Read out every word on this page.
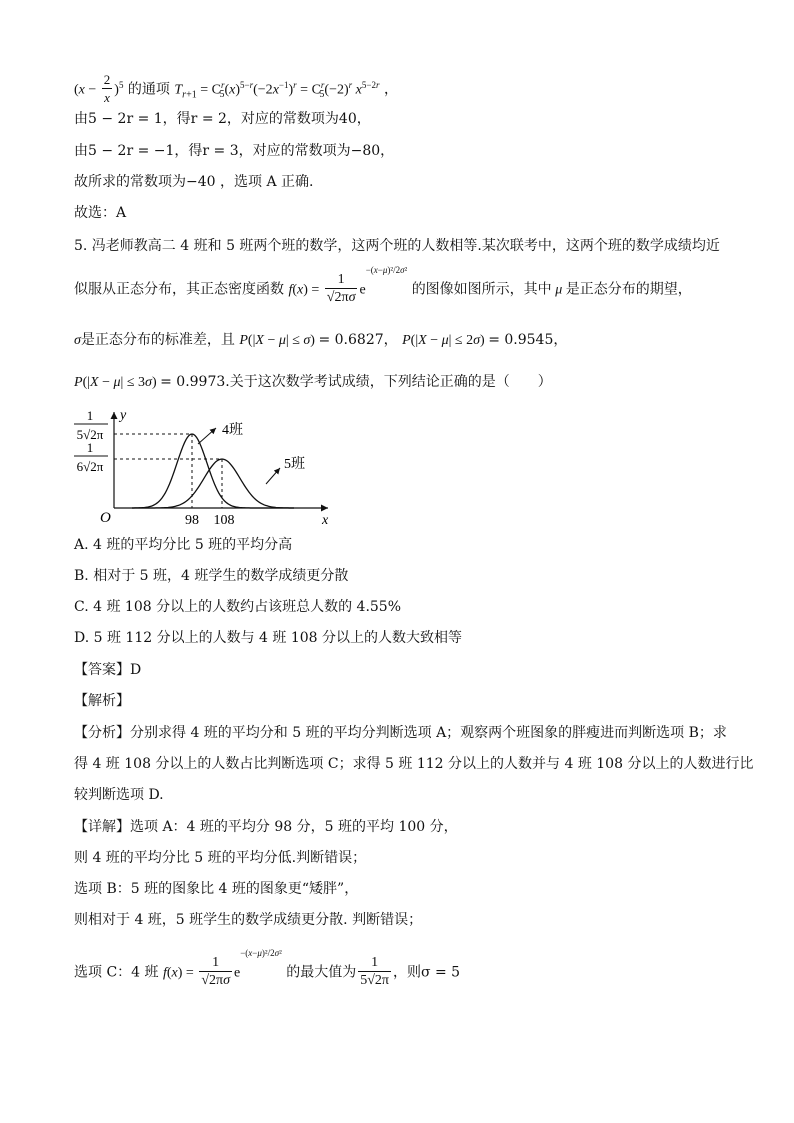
$(x - \frac{2}{x} )^5$ 的通项 $T_{r+1} = C^r_5(x)^{5-r}(-2x^{-1})^r = C^r_5(-2)^r$ $x^{5-2r}$ ，
由5 − 2r = 1，得r = 2，对应的常数项为40，
由5 − 2r = −1，得r = 3，对应的常数项为−80，
故所求的常数项为−40 ，选项 A 正确.
故选：A
5. 冯老师教高二 4 班和 5 班两个班的数学，这两个班的人数相等.某次联考中，这两个班的数学成绩均近
似服从正态分布，其正态密度函数 $f(x) = \frac{1}{√2\pi\sigma} e-(x-\mu)^2/2\sigma^2$ 的图像如图所示，其中 μ 是正态分布的期望，
σ是正态分布的标准差，且 P(|X − μ| ≤ σ) = 0.6827， P(|X − μ| ≤ 2σ) = 0.9545，
P(|X − μ| ≤ 3σ) = 0.9973.关于这次数学考试成绩，下列结论正确的是（　　）
y
x
O
1
5√2π
1
6√2π
98 108
4班
5班
A. 4 班的平均分比 5 班的平均分高
B. 相对于 5 班，4 班学生的数学成绩更分散
C. 4 班 108 分以上的人数约占该班总人数的 4.55%
D. 5 班 112 分以上的人数与 4 班 108 分以上的人数大致相等
【答案】D
【解析】
【分析】分别求得 4 班的平均分和 5 班的平均分判断选项 A；观察两个班图象的胖瘦进而判断选项 B；求
得 4 班 108 分以上的人数占比判断选项 C；求得 5 班 112 分以上的人数并与 4 班 108 分以上的人数进行比
较判断选项 D.
【详解】选项 A：4 班的平均分 98 分，5 班的平均 100 分，
则 4 班的平均分比 5 班的平均分低.判断错误；
选项 B：5 班的图象比 4 班的图象更“矮胖”，
则相对于 4 班，5 班学生的数学成绩更分散. 判断错误；
选项 C：4 班 $f(x) = \frac{1}{√2\pi\sigma} e-(x-\mu)^2/2\sigma^2$ 的最大值为 $\frac{1}{5√2\pi}$ ，则σ = 5
